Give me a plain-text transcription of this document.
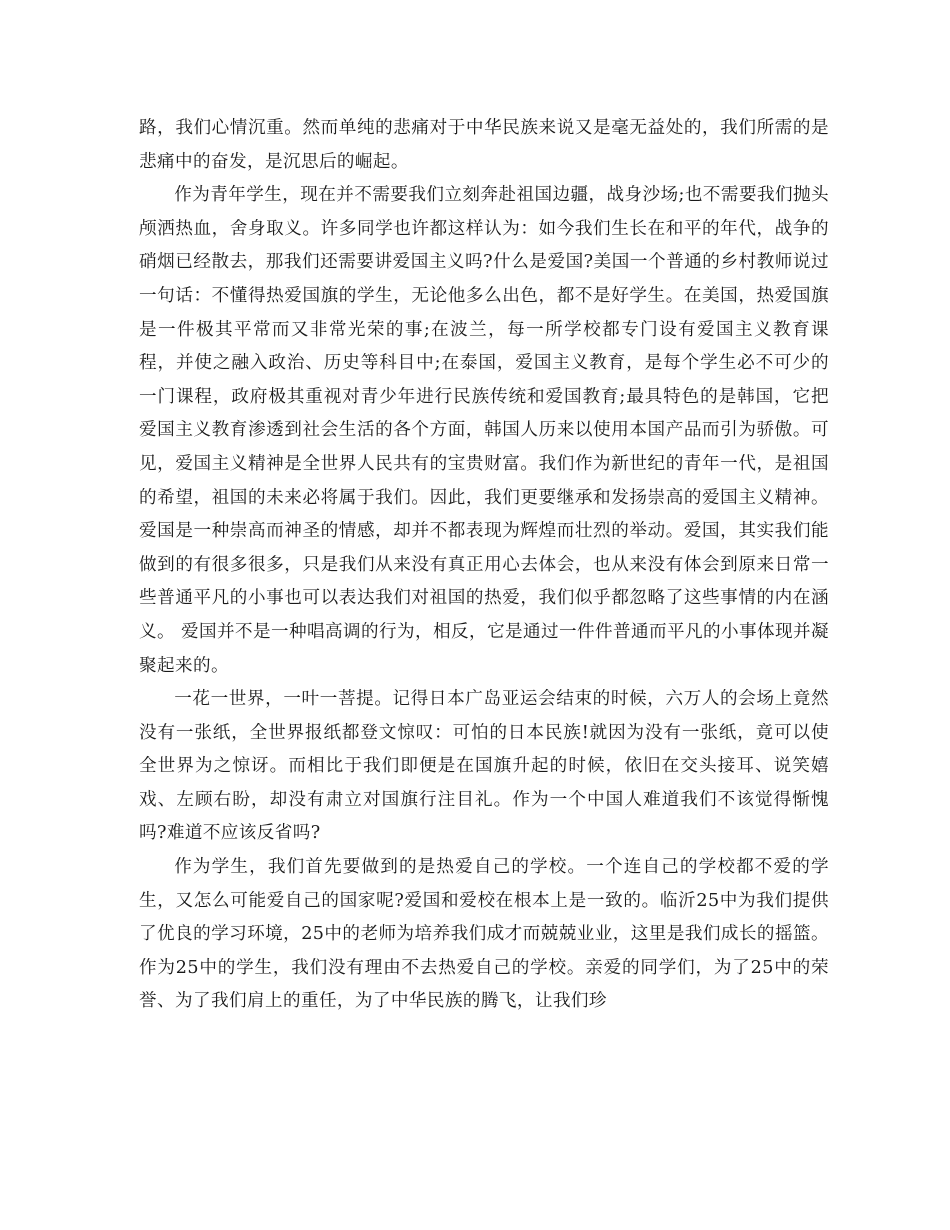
路，我们心情沉重。然而单纯的悲痛对于中华民族来说又是毫无益处的，我们所需的是悲痛中的奋发，是沉思后的崛起。

作为青年学生，现在并不需要我们立刻奔赴祖国边疆，战身沙场;也不需要我们抛头颅洒热血，舍身取义。许多同学也许都这样认为：如今我们生长在和平的年代，战争的硝烟已经散去，那我们还需要讲爱国主义吗?什么是爱国?美国一个普通的乡村教师说过一句话：不懂得热爱国旗的学生，无论他多么出色，都不是好学生。在美国，热爱国旗是一件极其平常而又非常光荣的事;在波兰，每一所学校都专门设有爱国主义教育课程，并使之融入政治、历史等科目中;在泰国，爱国主义教育，是每个学生必不可少的一门课程，政府极其重视对青少年进行民族传统和爱国教育;最具特色的是韩国，它把爱国主义教育渗透到社会生活的各个方面，韩国人历来以使用本国产品而引为骄傲。可见，爱国主义精神是全世界人民共有的宝贵财富。我们作为新世纪的青年一代，是祖国的希望，祖国的未来必将属于我们。因此，我们更要继承和发扬崇高的爱国主义精神。爱国是一种崇高而神圣的情感，却并不都表现为辉煌而壮烈的举动。爱国，其实我们能做到的有很多很多，只是我们从来没有真正用心去体会，也从来没有体会到原来日常一些普通平凡的小事也可以表达我们对祖国的热爱，我们似乎都忽略了这些事情的内在涵义。 爱国并不是一种唱高调的行为，相反，它是通过一件件普通而平凡的小事体现并凝聚起来的。

一花一世界，一叶一菩提。记得日本广岛亚运会结束的时候，六万人的会场上竟然没有一张纸，全世界报纸都登文惊叹：可怕的日本民族!就因为没有一张纸，竟可以使全世界为之惊讶。而相比于我们即便是在国旗升起的时候，依旧在交头接耳、说笑嬉戏、左顾右盼，却没有肃立对国旗行注目礼。作为一个中国人难道我们不该觉得惭愧吗?难道不应该反省吗?

作为学生，我们首先要做到的是热爱自己的学校。一个连自己的学校都不爱的学生，又怎么可能爱自己的国家呢?爱国和爱校在根本上是一致的。临沂25中为我们提供了优良的学习环境，25中的老师为培养我们成才而兢兢业业，这里是我们成长的摇篮。作为25中的学生，我们没有理由不去热爱自己的学校。亲爱的同学们，为了25中的荣誉、为了我们肩上的重任，为了中华民族的腾飞，让我们珍
